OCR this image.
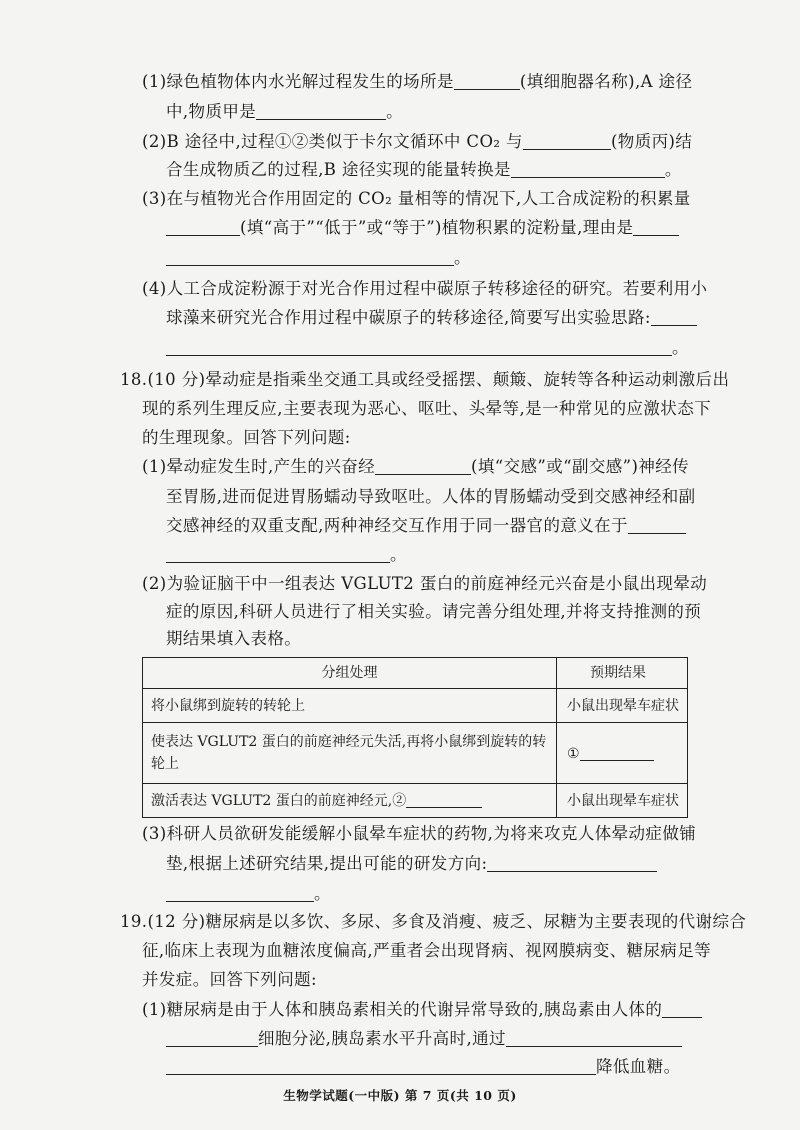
(1)绿色植物体内水光解过程发生的场所是	(填细胞器名称),A 途径
中,物质甲是	。
(2)B 途径中,过程①②类似于卡尔文循环中 CO₂ 与	(物质丙)结
合生成物质乙的过程,B 途径实现的能量转换是	。
(3)在与植物光合作用固定的 CO₂ 量相等的情况下,人工合成淀粉的积累量
(填“高于”“低于”或“等于”)植物积累的淀粉量,理由是
。
(4)人工合成淀粉源于对光合作用过程中碳原子转移途径的研究。若要利用小
球藻来研究光合作用过程中碳原子的转移途径,简要写出实验思路:
。
18.(10 分)晕动症是指乘坐交通工具或经受摇摆、颠簸、旋转等各种运动刺激后出
现的系列生理反应,主要表现为恶心、呕吐、头晕等,是一种常见的应激状态下
的生理现象。回答下列问题:
(1)晕动症发生时,产生的兴奋经	(填“交感”或“副交感”)神经传
至胃肠,进而促进胃肠蠕动导致呕吐。人体的胃肠蠕动受到交感神经和副
交感神经的双重支配,两种神经交互作用于同一器官的意义在于
。
(2)为验证脑干中一组表达 VGLUT2 蛋白的前庭神经元兴奋是小鼠出现晕动
症的原因,科研人员进行了相关实验。请完善分组处理,并将支持推测的预
期结果填入表格。
分组处理	预期结果
将小鼠绑到旋转的转轮上	小鼠出现晕车症状

使表达 VGLUT2 蛋白的前庭神经元失活,再将小鼠绑到旋转的转
轮上	①
激活表达 VGLUT2 蛋白的前庭神经元,②	小鼠出现晕车症状
(3)科研人员欲研发能缓解小鼠晕车症状的药物,为将来攻克人体晕动症做铺
垫,根据上述研究结果,提出可能的研发方向:
。
19.(12 分)糖尿病是以多饮、多尿、多食及消瘦、疲乏、尿糖为主要表现的代谢综合
征,临床上表现为血糖浓度偏高,严重者会出现肾病、视网膜病变、糖尿病足等
并发症。回答下列问题:
(1)糖尿病是由于人体和胰岛素相关的代谢异常导致的,胰岛素由人体的
细胞分泌,胰岛素水平升高时,通过
降低血糖。
生物学试题(一中版) 第 7 页(共 10 页)
